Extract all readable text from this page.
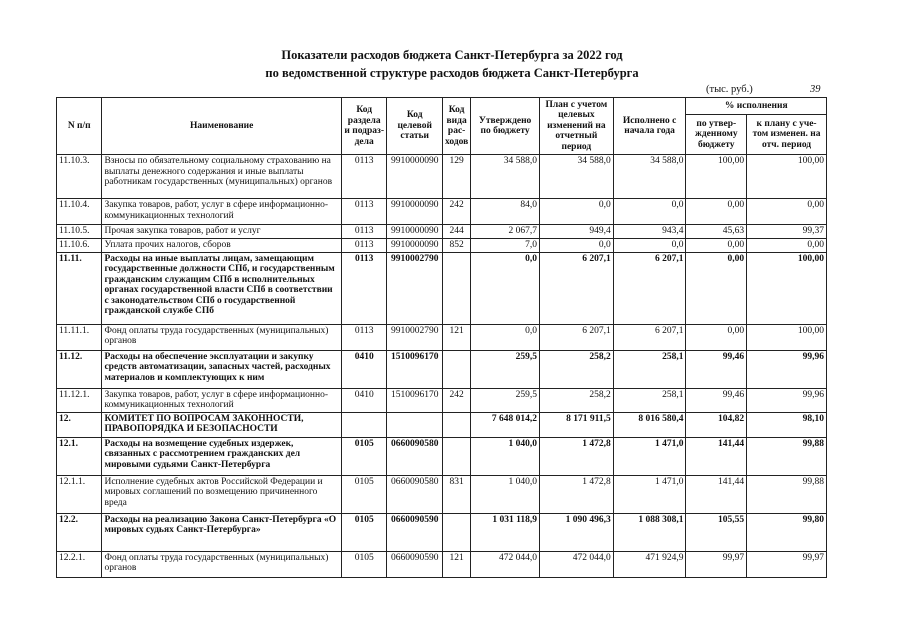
Показатели расходов бюджета Санкт-Петербурга за 2022 год
по ведомственной структуре расходов бюджета Санкт-Петербурга
(тыс. руб.)	39
N п/п	Наименование	Код раздела и подраз-дела	Код целевой статьи	Код вида рас-ходов	Утверждено по бюджету	План с учетом целевых изменений на отчетный период	Исполнено с начала года	% исполнения	
								по утвер-жденному бюджету	к плану с уче-том изменен. на отч. период
11.10.3.	Взносы по обязательному социальному страхованию на выплаты денежного содержания и иные выплаты работникам государственных (муниципальных) органов	0113	9910000090	129	34 588,0	34 588,0	34 588,0	100,00	100,00
11.10.4.	Закупка товаров, работ, услуг в сфере информационно-коммуникационных технологий	0113	9910000090	242	84,0	0,0	0,0	0,00	0,00
11.10.5.	Прочая закупка товаров, работ и услуг	0113	9910000090	244	2 067,7	949,4	943,4	45,63	99,37
11.10.6.	Уплата прочих налогов, сборов	0113	9910000090	852	7,0	0,0	0,0	0,00	0,00
11.11.	Расходы на иные выплаты лицам, замещающим государственные должности СПб, и государственным гражданским служащим СПб в исполнительных органах государственной власти СПб в соответствии с законодательством СПб о государственной гражданской службе СПб	0113	9910002790		0,0	6 207,1	6 207,1	0,00	100,00
11.11.1.	Фонд оплаты труда государственных (муниципальных) органов	0113	9910002790	121	0,0	6 207,1	6 207,1	0,00	100,00
11.12.	Расходы на обеспечение эксплуатации и закупку средств автоматизации, запасных частей, расходных материалов и комплектующих к ним	0410	1510096170		259,5	258,2	258,1	99,46	99,96
11.12.1.	Закупка товаров, работ, услуг в сфере информационно-коммуникационных технологий	0410	1510096170	242	259,5	258,2	258,1	99,46	99,96
12.	КОМИТЕТ ПО ВОПРОСАМ ЗАКОННОСТИ, ПРАВОПОРЯДКА И БЕЗОПАСНОСТИ				7 648 014,2	8 171 911,5	8 016 580,4	104,82	98,10
12.1.	Расходы на возмещение судебных издержек, связанных с рассмотрением гражданских дел мировыми судьями Санкт-Петербурга	0105	0660090580		1 040,0	1 472,8	1 471,0	141,44	99,88
12.1.1.	Исполнение судебных актов Российской Федерации и мировых соглашений по возмещению причиненного вреда	0105	0660090580	831	1 040,0	1 472,8	1 471,0	141,44	99,88
12.2.	Расходы на реализацию Закона Санкт-Петербурга «О мировых судьях Санкт-Петербурга»	0105	0660090590		1 031 118,9	1 090 496,3	1 088 308,1	105,55	99,80
12.2.1.	Фонд оплаты труда государственных (муниципальных) органов	0105	0660090590	121	472 044,0	472 044,0	471 924,9	99,97	99,97
